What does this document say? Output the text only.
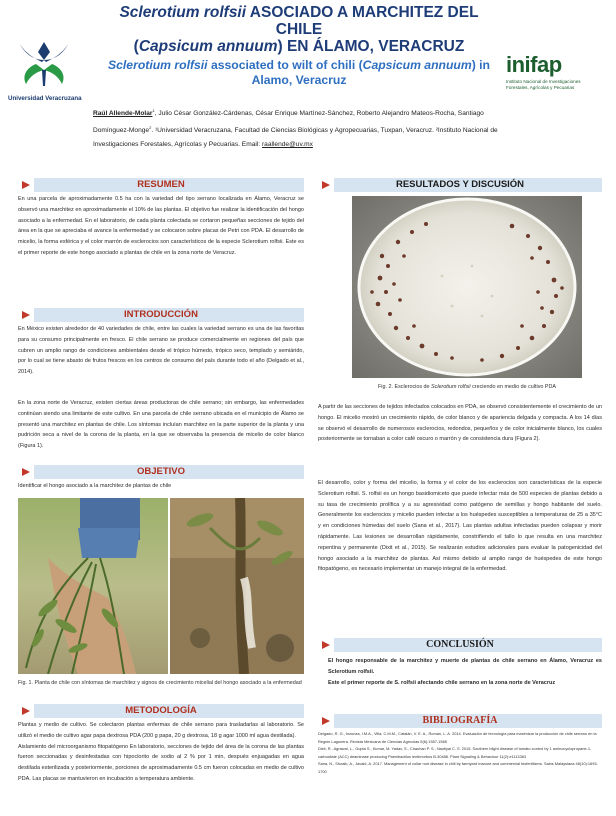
Universidad Veracruzana
Sclerotium rolfsii ASOCIADO A MARCHITEZ DEL CHILE
(Capsicum annuum) EN ÁLAMO, VERACRUZ
Sclerotium rolfsii associated to wilt of chili (Capsicum annuum) in Alamo, Veracruz
inifap
Instituto Nacional de Investigaciones Forestales, Agrícolas y Pecuarias
Raúl Allende-Molar$^1$, Julio César González-Cárdenas, César Enrique Martínez-Sánchez, Roberto Alejandro Mateos-Rocha, Santiago Domínguez-Monge$^2$. ¹Universidad Veracruzana, Facultad de Ciencias Biológicas y Agropecuarias, Tuxpan, Veracruz. ²Instituto Nacional de Investigaciones Forestales, Agrícolas y Pecuarias. Email: raallende@uv.mx
RESUMEN
En una parcela de aproximadamente 0.5 ha con la variedad del tipo serrano localizada en Álamo, Veracruz se observó una marchitez en aproximadamente el 10% de las plantas. El objetivo fue realizar la identificación del hongo asociado a la enfermedad. En el laboratorio, de cada planta colectada se cortaron pequeñas secciones de tejido del área en la que se apreciaba el avance la enfermedad y se colocaron sobre placas de Petri con PDA. El desarrollo de micelio, la forma esférica y el color marrón de esclerocios son característicos de la especie Sclerotium rolfsii. Este es el primer reporte de este hongo asociado a plantas de chile en la zona norte de Veracruz.
INTRODUCCIÓN
En México existen alrededor de 40 variedades de chile, entre las cuales la variedad serrano es una de las favoritas para su consumo principalmente en fresco. El chile serrano se produce comercialmente en regiones del país que cubren un amplio rango de condiciones ambientales desde el trópico húmedo, trópico seco, templado y semiárido, por lo cual se tiene abasto de frutos frescos en los centros de consumo del país durante todo el año (Delgado et al., 2014).
En la zona norte de Veracruz, existen ciertas áreas productoras de chile serrano; sin embargo, las enfermedades continúan siendo una limitante de este cultivo. En una parcela de chile serrano ubicada en el municipio de Álamo se presentó una marchitez en plantas de chile. Los síntomas incluían marchitez en la parte superior de la planta y una pudrición seca a nivel de la corona de la planta, en la que se observaba la presencia de micelio de color blanco (Figura 1).
OBJETIVO
Identificar el hongo asociado a la marchitez de plantas de chile
Fig. 1. Planta de chile con síntomas de marchitez y signos de crecimiento micelial del hongo asociado a la enfermedad
METODOLOGÍA
Plantas y medio de cultivo. Se colectaron plantas enfermas de chile serrano para trasladarlas al laboratorio. Se utilizó el medio de cultivo agar papa dextrosa PDA (200 g papa, 20 g dextrosa, 18 g agar 1000 ml agua destilada).
Aislamiento del microorganismo fitopatógeno En laboratorio, secciones de tejido del área de la corona de las plantas fueron seccionadas y desinfestadas con hipoclorito de sodio al 2 % por 1 min, después enjuagadas en agua destilada esterilizada y posteriormente, porciones de aproximadamente 0.5 cm fueron colocadas en medio de cultivo PDA. Las placas se mantuvieron en incubación a temperatura ambiente.
RESULTADOS Y DISCUSIÓN
Fig. 2. Esclerocios de Sclerotium rolfsii creciendo en medio de cultivo PDA
A partir de las secciones de tejidos infectados colocados en PDA, se observó consistentemente el crecimiento de un hongo. El micelio mostró un crecimiento rápido, de color blanco y de apariencia delgada y compacta. A los 14 días se observó el desarrollo de numerosos esclerocios, redondos, pequeños y de color inicialmente blanco, los cuales posteriormente se tornaban a color café oscuro o marrón y de consistencia dura (Figura 2).
El desarrollo, color y forma del micelio, la forma y el color de los esclerocios son características de la especie Sclerotium rolfsii. S. rolfsii es un hongo basidiomiceto que puede infectar más de 500 especies de plantas debido a su tasa de crecimiento prolífica y a su agresividad como patógeno de semillas y hongo habitante del suelo. Generalmente los esclerocios y micelio pueden infectar a los huéspedes susceptibles a temperaturas de 25 a 35°C y en condiciones húmedas del suelo (Sana et al., 2017). Las plantas adultas infectadas pueden colapsar y morir rápidamente. Las lesiones se desarrollan rápidamente, constriñendo el tallo lo que resulta en una marchitez repentina y permanente (Dixit et al., 2015). Se realizarán estudios adicionales para evaluar la patogenicidad del hongo asociado a la marchitez de plantas. Así mismo debido al amplio rango de huéspedes de este hongo fitopatógeno, es necesario implementar un manejo integral de la enfermedad.
CONCLUSIÓN
El hongo responsable de la marchitez y muerte de plantas de chile serrano en Álamo, Veracruz es Sclerotium rolfsii.
Este el primer reporte de S. rolfsii afectando chile serrano en la zona norte de Veracruz
BIBLIOGRAFÍA
Delgado, R. G., Inzunza, I.M.A., Villa, C.M.M., Catalán, V. E. A., Román, L. A. 2014. Evaluación de tecnología para maximizar la producción de chile serrano en la Región Lagunera. Revista Mexicana de Ciencias Agrícolas 5(6):1557-1565
Dixit, R., Agrawal, L., Gupta S., Kumar, M. Yadav, S., Chauhan P. S., Nautiyal C. S. 2015. Southern blight disease of tomato control by 1 aminocyclopropane-1-carboxilate (ACC) deaminase producing Paenibacillus lentimorbus B-30488. Plant Signaling & Behaviour 11(2):e1113363
Sana, N., Shoaib, A., Javaid, A. 2017. Management of collar root disease in chili by farmyard manure and commercial biofertilizers. Sains Malaysiana 46(10):1693-1700
